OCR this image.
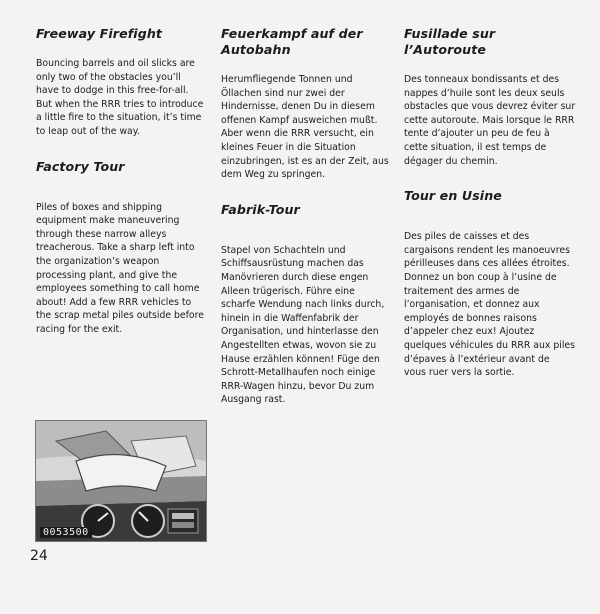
Freeway Firefight

Bouncing barrels and oil slicks are

only two of the obstacles you’ll

have to dodge in this free-for-all.

But when the RRR tries to introduce

a little fire to the situation, it’s time

to leap out of the way.

Factory Tour

Piles of boxes and shipping

equipment make maneuvering

through these narrow alleys

treacherous. Take a sharp left into

the organization’s weapon

processing plant, and give the

employees something to call home

about! Add a few RRR vehicles to

the scrap metal piles outside before

racing for the exit.

Feuerkampf auf der
Autobahn

Herumfliegende Tonnen und

Öllachen sind nur zwei der

Hindernisse, denen Du in diesem

offenen Kampf ausweichen mußt.

Aber wenn die RRR versucht, ein

kleines Feuer in die Situation

einzubringen, ist es an der Zeit, aus

dem Weg zu springen.

Fabrik-Tour

Stapel von Schachteln und

Schiffsausrüstung machen das

Manövrieren durch diese engen

Alleen trügerisch. Führe eine

scharfe Wendung nach links durch,

hinein in die Waffenfabrik der

Organisation, und hinterlasse den

Angestellten etwas, wovon sie zu

Hause erzählen können! Füge den

Schrott-Metallhaufen noch einige

RRR-Wagen hinzu, bevor Du zum

Ausgang rast.

Fusillade sur l’Autoroute

Des tonneaux bondissants et des

nappes d’huile sont les deux seuls

obstacles que vous devrez éviter sur

cette autoroute. Mais lorsque le RRR

tente d’ajouter un peu de feu à

cette situation, il est temps de

dégager du chemin.

Tour en Usine

Des piles de caisses et des

cargaisons rendent les manoeuvres

périlleuses dans ces allées étroites.

Donnez un bon coup à l’usine de

traitement des armes de

l’organisation, et donnez aux

employés de bonnes raisons

d’appeler chez eux! Ajoutez

quelques véhicules du RRR aux piles

d’épaves à l’extérieur avant de

vous ruer vers la sortie.

0053500
24
